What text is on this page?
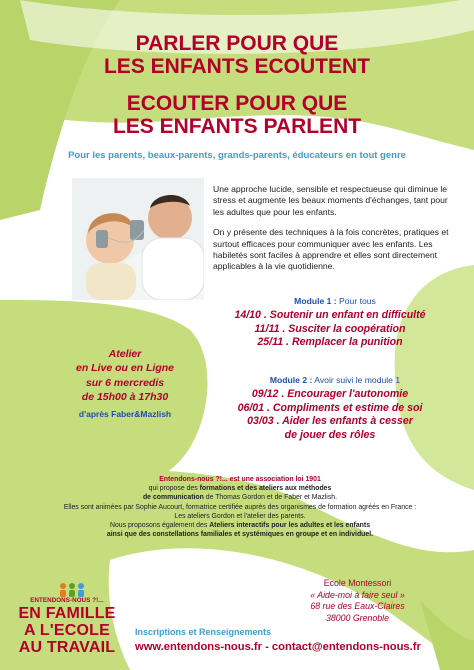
PARLER POUR QUE
LES ENFANTS ECOUTENT
ECOUTER POUR QUE
LES ENFANTS PARLENT
Pour les parents, beaux-parents, grands-parents, éducateurs en tout genre

Une approche lucide, sensible et respectueuse qui diminue le stress et augmente les beaux moments d'échanges, tant pour les adultes que pour les enfants.

On y présente des techniques à la fois concrètes, pratiques et surtout efficaces pour communiquer avec les enfants. Les habiletés sont faciles à apprendre et elles sont directement applicables à la vie quotidienne.

Module 1 : Pour tous

14/10 . Soutenir un enfant en difficulté

11/11 . Susciter la coopération

25/11 . Remplacer la punition

Module 2 : Avoir suivi le module 1

09/12 . Encourager l'autonomie

06/01 . Compliments et estime de soi

03/03 . Aider les enfants à cesser

de jouer des rôles

Atelier
en Live ou en Ligne
sur 6 mercredis
de 15h00 à 17h30
d'après Faber&Mazlish
Entendons-nous ?!... est une association loi 1901
qui propose des formations et des ateliers aux méthodes
de communication de Thomas Gordon et de Faber et Mazlish.
Elles sont animées par Sophie Aucourt, formatrice certifiée auprès des organismes de formation agréés en France :
Les ateliers Gordon et l'atelier des parents.
Nous proposons également des Ateliers interactifs pour les adultes et les enfants
ainsi que des constellations familiales et systémiques en groupe et en individuel.
Ecole Montessori
« Aide-moi à faire seul »
68 rue des Eaux-Claires
38000 Grenoble
ENTENDONS-NOUS ?!...
EN FAMILLE
A L'ECOLE
AU TRAVAIL
Inscriptions et Renseignements
www.entendons-nous.fr - contact@entendons-nous.fr
